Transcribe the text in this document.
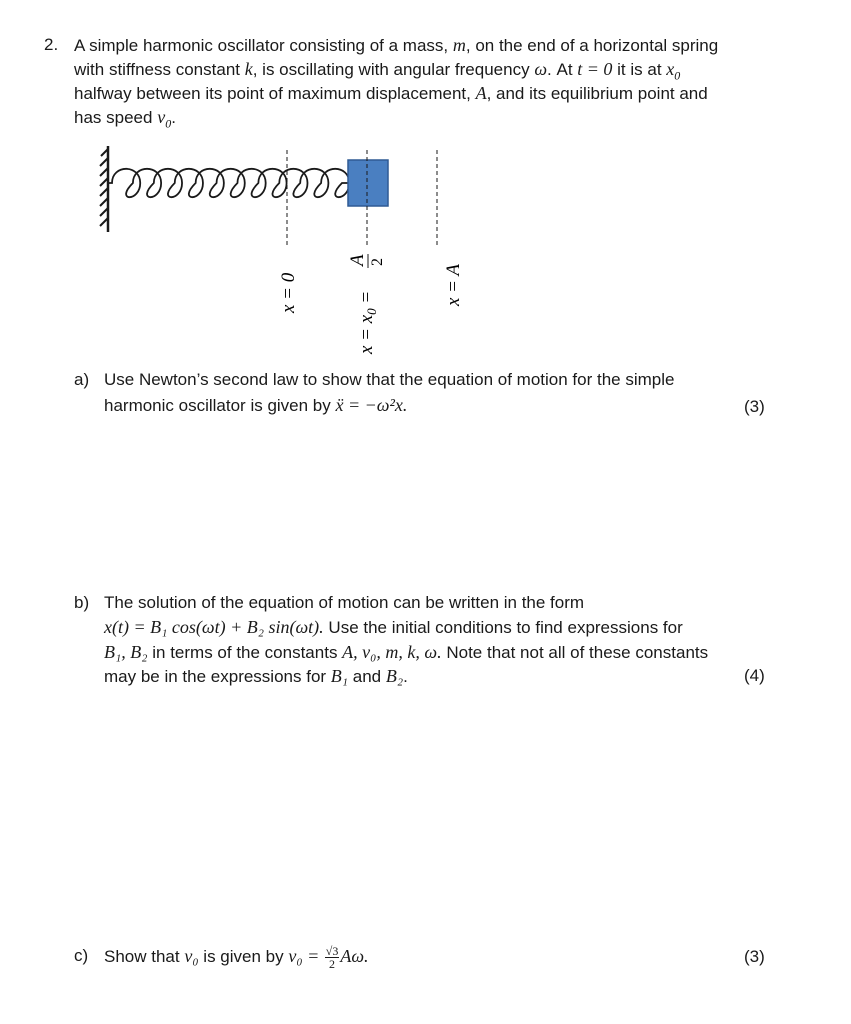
2. A simple harmonic oscillator consisting of a mass, m, on the end of a horizontal spring
with stiffness constant k, is oscillating with angular frequency ω. At t = 0 it is at $x_0$
halfway between its point of maximum displacement, A, and its equilibrium point and
has speed $v_0$.
x = 0
$x = x_0$ =
A 2
x = A
a) Use Newton’s second law to show that the equation of motion for the simple
harmonic oscillator is given by ẍ = −ω²x.	(3)
b) The solution of the equation of motion can be written in the form
x(t) = B₁ cos(ωt) + B₂ sin(ωt). Use the initial conditions to find expressions for
B₁, B₂ in terms of the constants A, v₀, m, k, ω. Note that not all of these constants
may be in the expressions for B₁ and B₂.	(4)
c) Show that v₀ is given by $v_0 = \frac{√3}{2} A\omega$.	(3)
